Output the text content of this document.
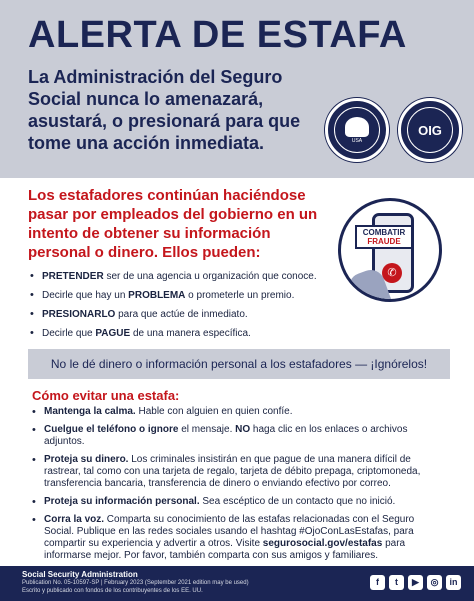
ALERTA DE ESTAFA
La Administración del Seguro Social nunca lo amenazará, asustará, o presionará para que tome una acción inmediata.	USA
OIG
Los estafadores continúan haciéndose pasar por empleados del gobierno en un intento de obtener su información personal o dinero. Ellos pueden:
COMBATIR
FRAUDE
✆
• PRETENDER ser de una agencia u organización que conoce.
• Decirle que hay un PROBLEMA o prometerle un premio.
• PRESIONARLO para que actúe de inmediato.
• Decirle que PAGUE de una manera específica.
No le dé dinero o información personal a los estafadores — ¡Ignórelos!
Cómo evitar una estafa:
• Mantenga la calma. Hable con alguien en quien confíe.
• Cuelgue el teléfono o ignore el mensaje. NO haga clic en los enlaces o archivos adjuntos.
• Proteja su dinero. Los criminales insistirán en que pague de una manera difícil de rastrear, tal como con una tarjeta de regalo, tarjeta de débito prepaga, criptomoneda, transferencia bancaria, transferencia de dinero o enviando efectivo por correo.
• Proteja su información personal. Sea escéptico de un contacto que no inició.
• Corra la voz. Comparta su conocimiento de las estafas relacionadas con el Seguro Social. Publique en las redes sociales usando el hashtag #OjoConLasEstafas, para compartir su experiencia y advertir a otros. Visite segurosocial.gov/estafas para informarse mejor. Por favor, también comparta con sus amigos y familiares.
Social Security Administration
Publication No. 05-10597-SP | February 2023 (September 2021 edition may be used)
Escrito y publicado con fondos de los contribuyentes de los EE. UU.
f	t	▶	◎	in
